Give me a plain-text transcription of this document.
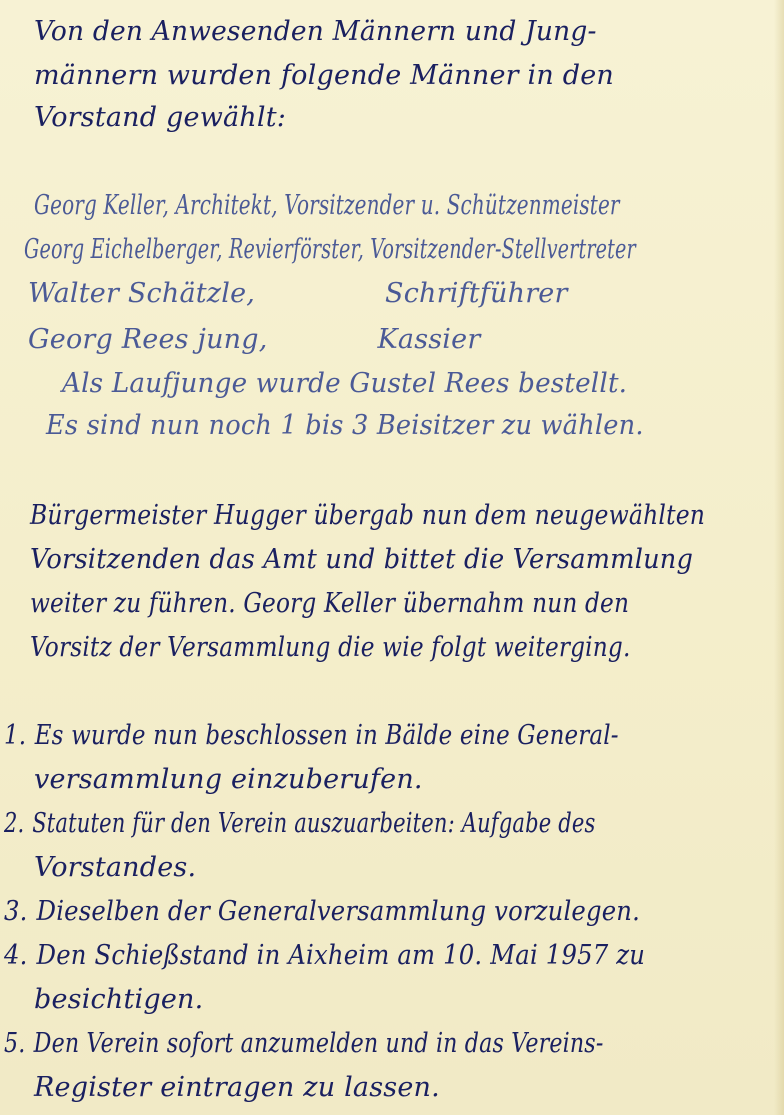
Von den Anwesenden Männern und Jung-
männern wurden folgende Männer in den
Vorstand gewählt:
Georg Keller, Architekt, Vorsitzender u. Schützenmeister
Georg Eichelberger, Revierförster, Vorsitzender-Stellvertreter
Walter Schätzle,	Schriftführer
Georg Rees jung,	Kassier
Als Laufjunge wurde Gustel Rees bestellt.
Es sind nun noch 1 bis 3 Beisitzer zu wählen.
Bürgermeister Hugger übergab nun dem neugewählten
Vorsitzenden das Amt und bittet die Versammlung
weiter zu führen. Georg Keller übernahm nun den
Vorsitz der Versammlung die wie folgt weiterging.
1. Es wurde nun beschlossen in Bälde eine General-
versammlung einzuberufen.
2. Statuten für den Verein auszuarbeiten: Aufgabe des
Vorstandes.
3. Dieselben der Generalversammlung vorzulegen.
4. Den Schießstand in Aixheim am 10. Mai 1957 zu
besichtigen.
5. Den Verein sofort anzumelden und in das Vereins-
Register eintragen zu lassen.
